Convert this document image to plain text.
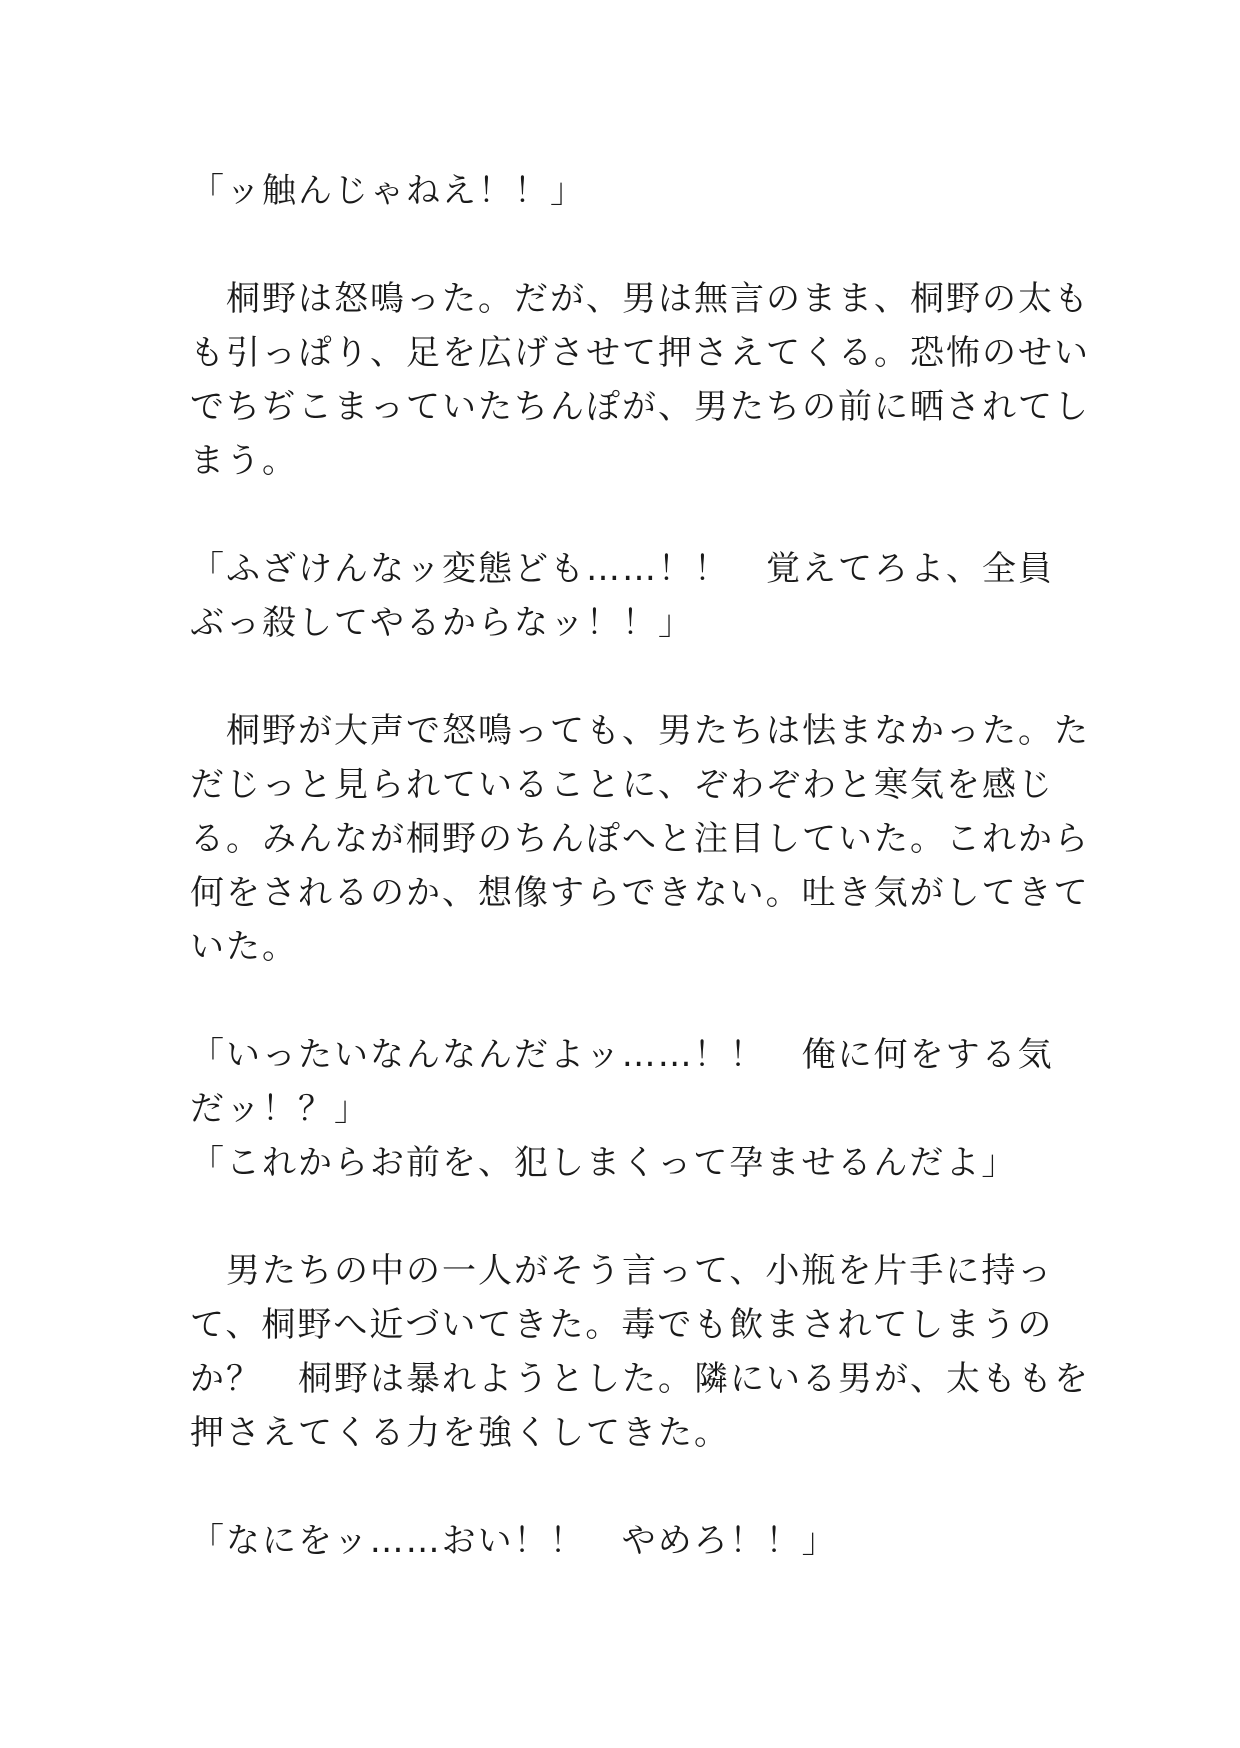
「ッ触んじゃねえ！！」
　桐野は怒鳴った。だが、男は無言のまま、桐野の太も
も引っぱり、足を広げさせて押さえてくる。恐怖のせい
でちぢこまっていたちんぽが、男たちの前に晒されてし
まう。
「ふざけんなッ変態ども……！！　覚えてろよ、全員
ぶっ殺してやるからなッ！！」
　桐野が大声で怒鳴っても、男たちは怯まなかった。た
だじっと見られていることに、ぞわぞわと寒気を感じ
る。みんなが桐野のちんぽへと注目していた。これから
何をされるのか、想像すらできない。吐き気がしてきて
いた。
「いったいなんなんだよッ……！！　俺に何をする気
だッ！？」
「これからお前を、犯しまくって孕ませるんだよ」
　男たちの中の一人がそう言って、小瓶を片手に持っ
て、桐野へ近づいてきた。毒でも飲まされてしまうの
か？　桐野は暴れようとした。隣にいる男が、太ももを
押さえてくる力を強くしてきた。
「なにをッ……おい！！　やめろ！！」
